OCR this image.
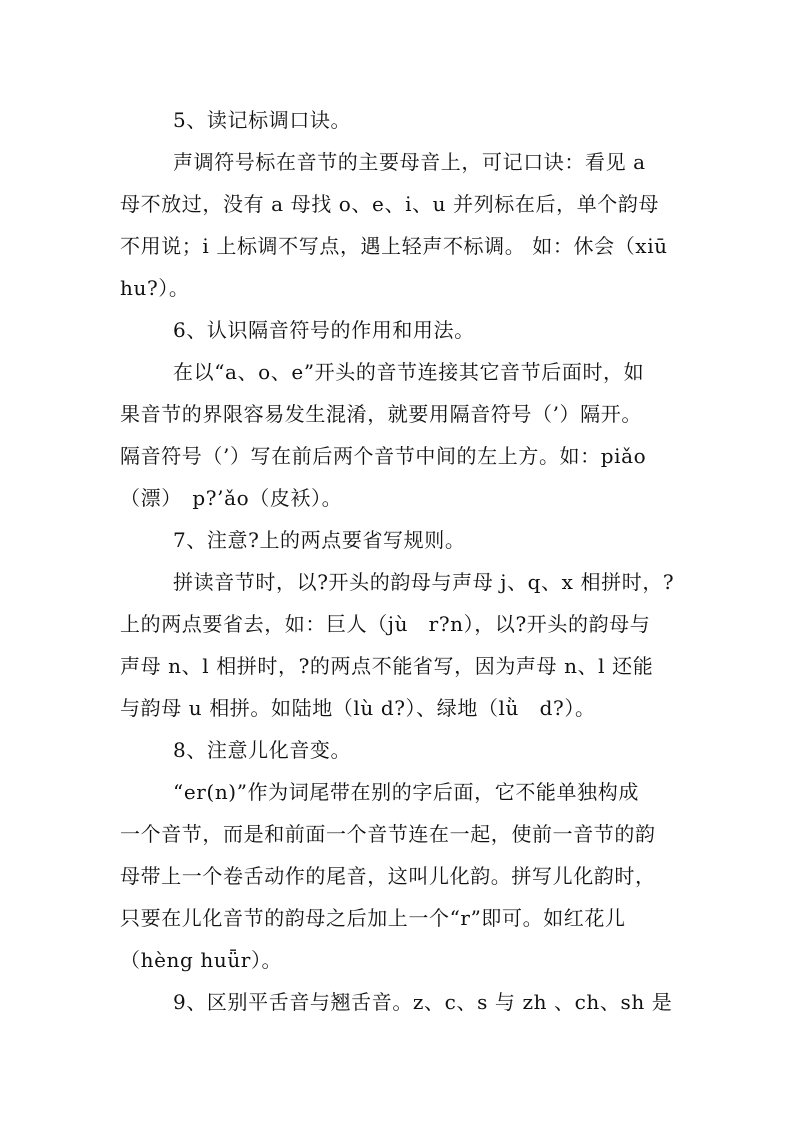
5、读记标调口诀。
声调符号标在音节的主要母音上，可记口诀：看见 a
母不放过，没有 a 母找 o、e、i、u 并列标在后，单个韵母
不用说；i 上标调不写点，遇上轻声不标调。 如：休会（xiū
hu?）。
6、认识隔音符号的作用和用法。
在以“a、o、e”开头的音节连接其它音节后面时，如
果音节的界限容易发生混淆，就要用隔音符号（’）隔开。
隔音符号（’）写在前后两个音节中间的左上方。如：piǎo
（漂）　p?’ǎo（皮袄）。
7、注意?上的两点要省写规则。
拼读音节时，以?开头的韵母与声母 j、q、x 相拼时，?
上的两点要省去，如：巨人（jù　r?n），以?开头的韵母与
声母 n、l 相拼时，?的两点不能省写，因为声母 n、l 还能
与韵母 u 相拼。如陆地（lù d?）、绿地（lǜ　d?）。
8、注意儿化音变。
“er(n)”作为词尾带在别的字后面，它不能单独构成
一个音节，而是和前面一个音节连在一起，使前一音节的韵
母带上一个卷舌动作的尾音，这叫儿化韵。拼写儿化韵时，
只要在儿化音节的韵母之后加上一个“r”即可。如红花儿
（hèng huǖr）。
9、区别平舌音与翘舌音。z、c、s 与 zh 、ch、sh 是
